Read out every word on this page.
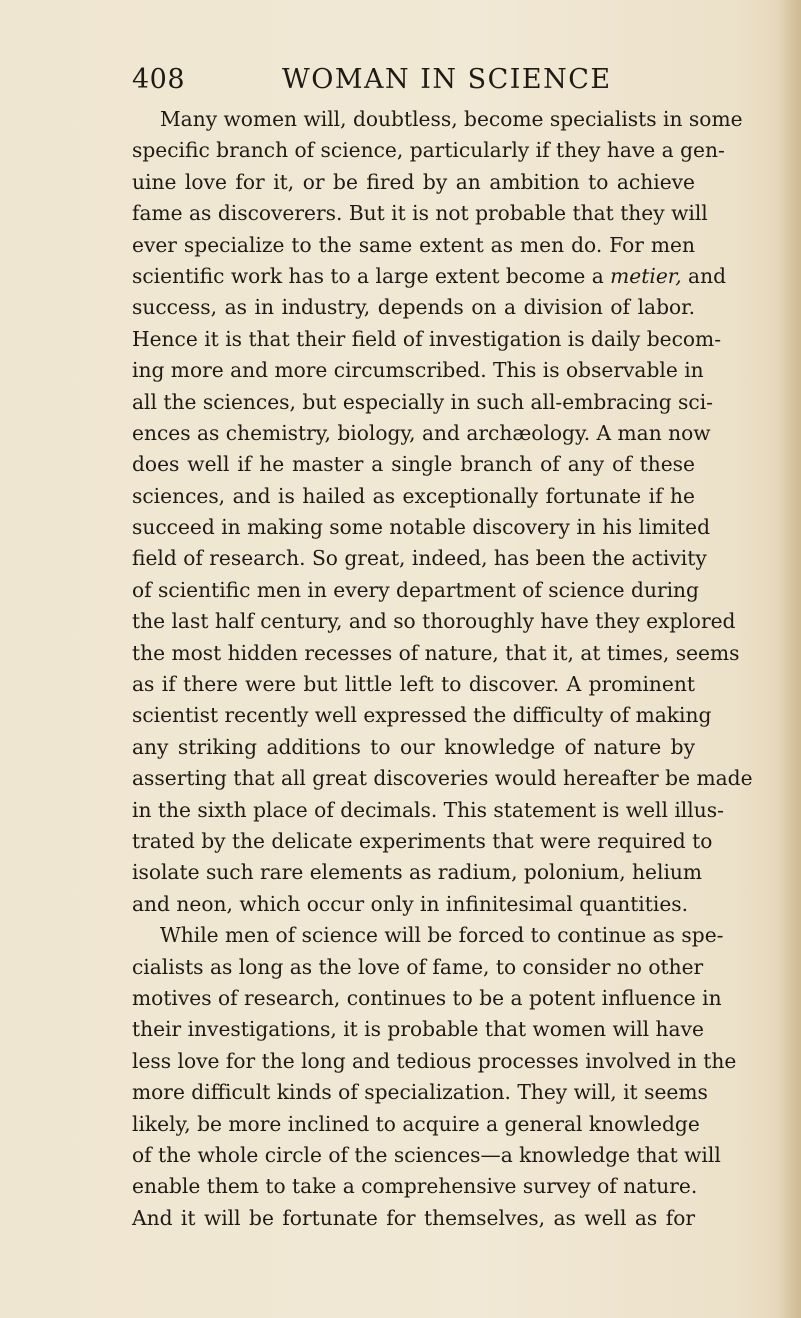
408	WOMAN IN SCIENCE
Many women will, doubtless, become specialists in some
specific branch of science, particularly if they have a gen-
uine love for it, or be fired by an ambition to achieve
fame as discoverers. But it is not probable that they will
ever specialize to the same extent as men do. For men
scientific work has to a large extent become a metier, and
success, as in industry, depends on a division of labor.
Hence it is that their field of investigation is daily becom-
ing more and more circumscribed. This is observable in
all the sciences, but especially in such all-embracing sci-
ences as chemistry, biology, and archæology. A man now
does well if he master a single branch of any of these
sciences, and is hailed as exceptionally fortunate if he
succeed in making some notable discovery in his limited
field of research. So great, indeed, has been the activity
of scientific men in every department of science during
the last half century, and so thoroughly have they explored
the most hidden recesses of nature, that it, at times, seems
as if there were but little left to discover. A prominent
scientist recently well expressed the difficulty of making
any striking additions to our knowledge of nature by
asserting that all great discoveries would hereafter be made
in the sixth place of decimals. This statement is well illus-
trated by the delicate experiments that were required to
isolate such rare elements as radium, polonium, helium
and neon, which occur only in infinitesimal quantities.
While men of science will be forced to continue as spe-
cialists as long as the love of fame, to consider no other
motives of research, continues to be a potent influence in
their investigations, it is probable that women will have
less love for the long and tedious processes involved in the
more difficult kinds of specialization. They will, it seems
likely, be more inclined to acquire a general knowledge
of the whole circle of the sciences—a knowledge that will
enable them to take a comprehensive survey of nature.
And it will be fortunate for themselves, as well as for
